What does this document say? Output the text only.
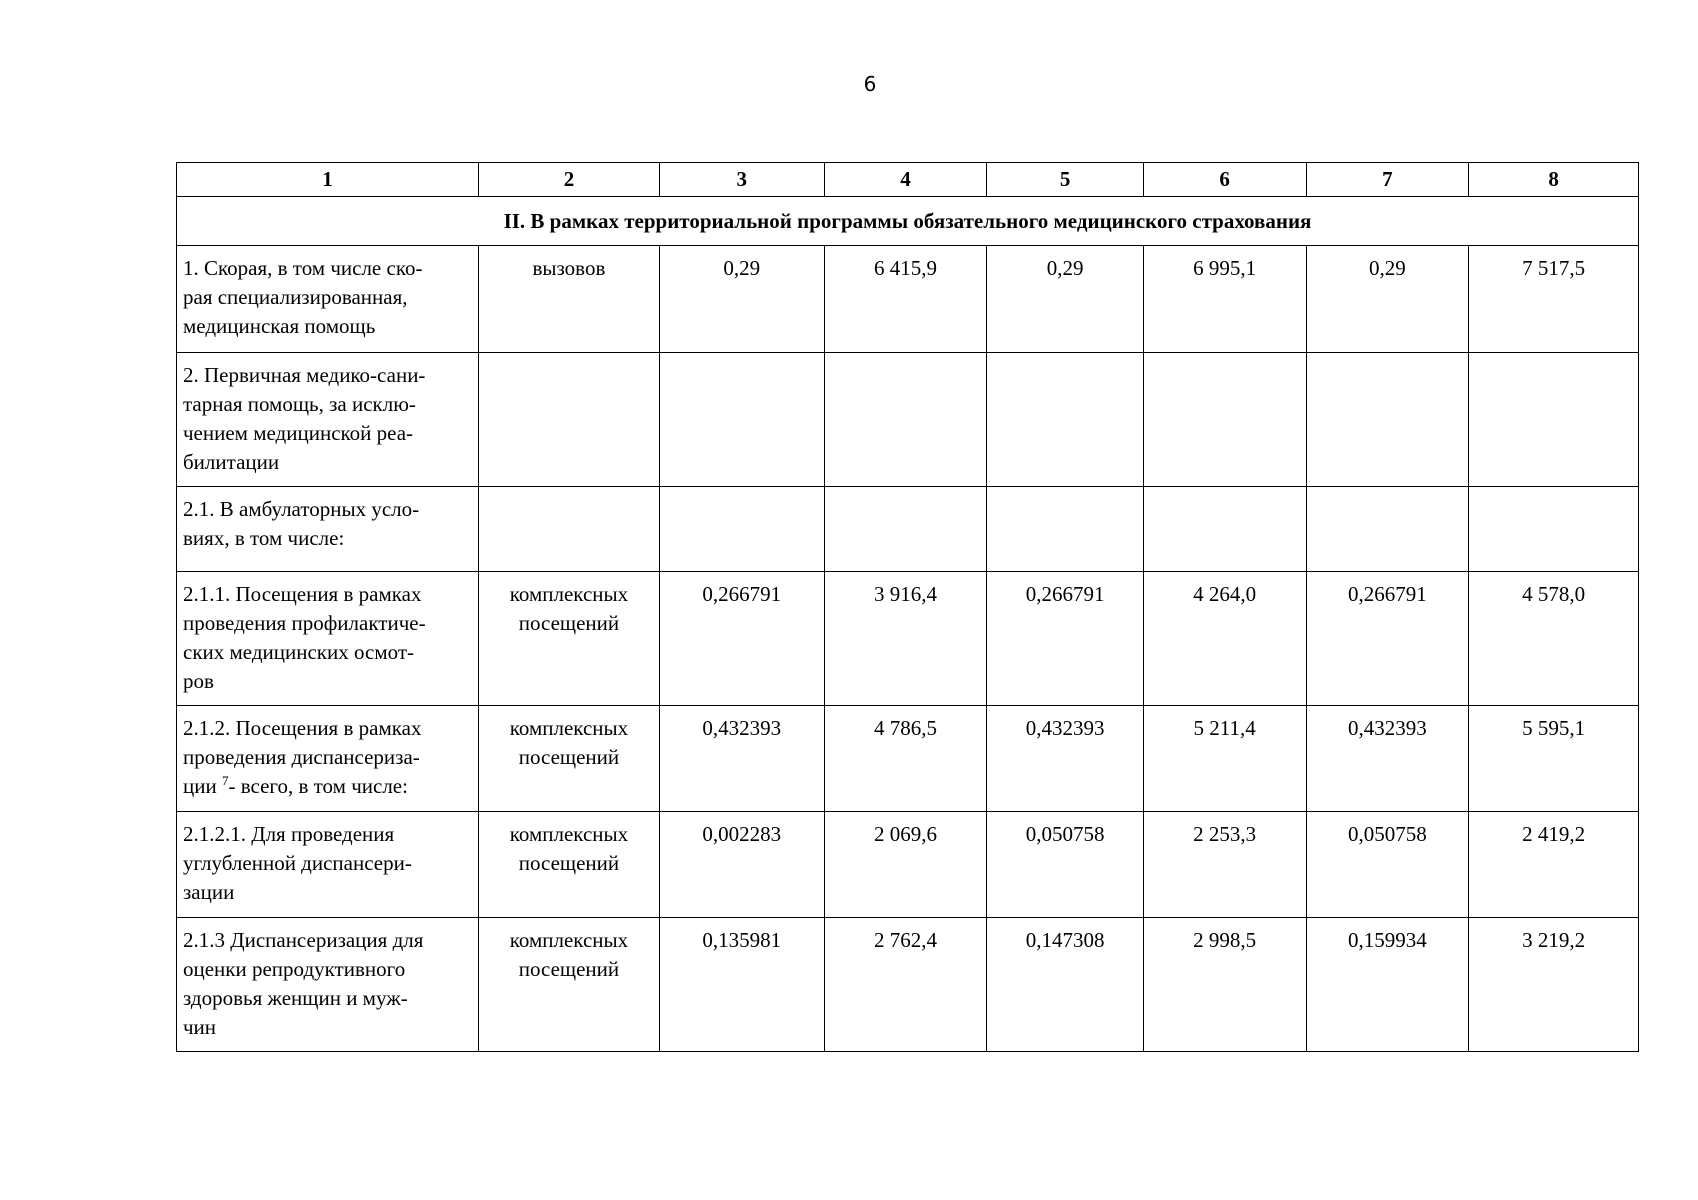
6
1	2	3	4	5	6	7	8
II. В рамках территориальной программы обязательного медицинского страхования							
1. Скорая, в том числе ско-
рая специализированная,
медицинская помощь	вызовов	0,29	6 415,9	0,29	6 995,1	0,29	7 517,5
2. Первичная медико-сани-
тарная помощь, за исклю-
чением медицинской реа-
билитации							
2.1. В амбулаторных усло-
виях, в том числе:							
2.1.1. Посещения в рамках
проведения профилактиче-
ских медицинских осмот-
ров	комплексных
посещений	0,266791	3 916,4	0,266791	4 264,0	0,266791	4 578,0
2.1.2. Посещения в рамках
проведения диспансериза-
ции $^7$- всего, в том числе:	комплексных
посещений	0,432393	4 786,5	0,432393	5 211,4	0,432393	5 595,1
2.1.2.1. Для проведения
углубленной диспансери-
зации	комплексных
посещений	0,002283	2 069,6	0,050758	2 253,3	0,050758	2 419,2
2.1.3 Диспансеризация для
оценки репродуктивного
здоровья женщин и муж-
чин	комплексных
посещений	0,135981	2 762,4	0,147308	2 998,5	0,159934	3 219,2
